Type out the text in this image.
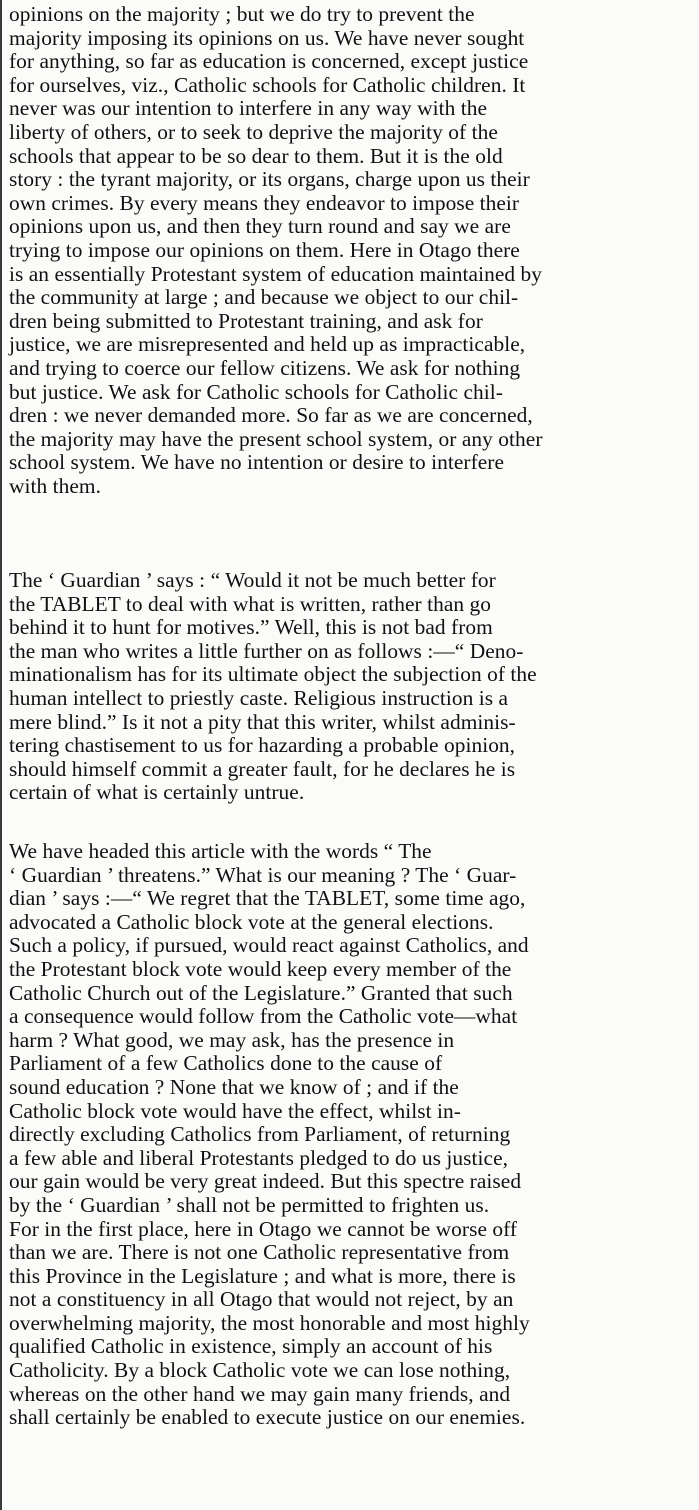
opinions on the majority ; but we do try to prevent the
majority imposing its opinions on us. We have never sought
for anything, so far as education is concerned, except justice
for ourselves, viz., Catholic schools for Catholic children. It
never was our intention to interfere in any way with the
liberty of others, or to seek to deprive the majority of the
schools that appear to be so dear to them. But it is the old
story : the tyrant majority, or its organs, charge upon us their
own crimes. By every means they endeavor to impose their
opinions upon us, and then they turn round and say we are
trying to impose our opinions on them. Here in Otago there
is an essentially Protestant system of education maintained by
the community at large ; and because we object to our chil-
dren being submitted to Protestant training, and ask for
justice, we are misrepresented and held up as impracticable,
and trying to coerce our fellow citizens. We ask for nothing
but justice. We ask for Catholic schools for Catholic chil-
dren : we never demanded more. So far as we are concerned,
the majority may have the present school system, or any other
school system. We have no intention or desire to interfere
with them.

The ‘ Guardian ’ says : “ Would it not be much better for
the TABLET to deal with what is written, rather than go
behind it to hunt for motives.” Well, this is not bad from
the man who writes a little further on as follows :—“ Deno-
minationalism has for its ultimate object the subjection of the
human intellect to priestly caste. Religious instruction is a
mere blind.” Is it not a pity that this writer, whilst adminis-
tering chastisement to us for hazarding a probable opinion,
should himself commit a greater fault, for he declares he is
certain of what is certainly untrue.

We have headed this article with the words “ The
‘ Guardian ’ threatens.” What is our meaning ? The ‘ Guar-
dian ’ says :—“ We regret that the TABLET, some time ago,
advocated a Catholic block vote at the general elections.
Such a policy, if pursued, would react against Catholics, and
the Protestant block vote would keep every member of the
Catholic Church out of the Legislature.” Granted that such
a consequence would follow from the Catholic vote—what
harm ? What good, we may ask, has the presence in
Parliament of a few Catholics done to the cause of
sound education ? None that we know of ; and if the
Catholic block vote would have the effect, whilst in-
directly excluding Catholics from Parliament, of returning
a few able and liberal Protestants pledged to do us justice,
our gain would be very great indeed. But this spectre raised
by the ‘ Guardian ’ shall not be permitted to frighten us.
For in the first place, here in Otago we cannot be worse off
than we are. There is not one Catholic representative from
this Province in the Legislature ; and what is more, there is
not a constituency in all Otago that would not reject, by an
overwhelming majority, the most honorable and most highly
qualified Catholic in existence, simply an account of his
Catholicity. By a block Catholic vote we can lose nothing,
whereas on the other hand we may gain many friends, and
shall certainly be enabled to execute justice on our enemies.
